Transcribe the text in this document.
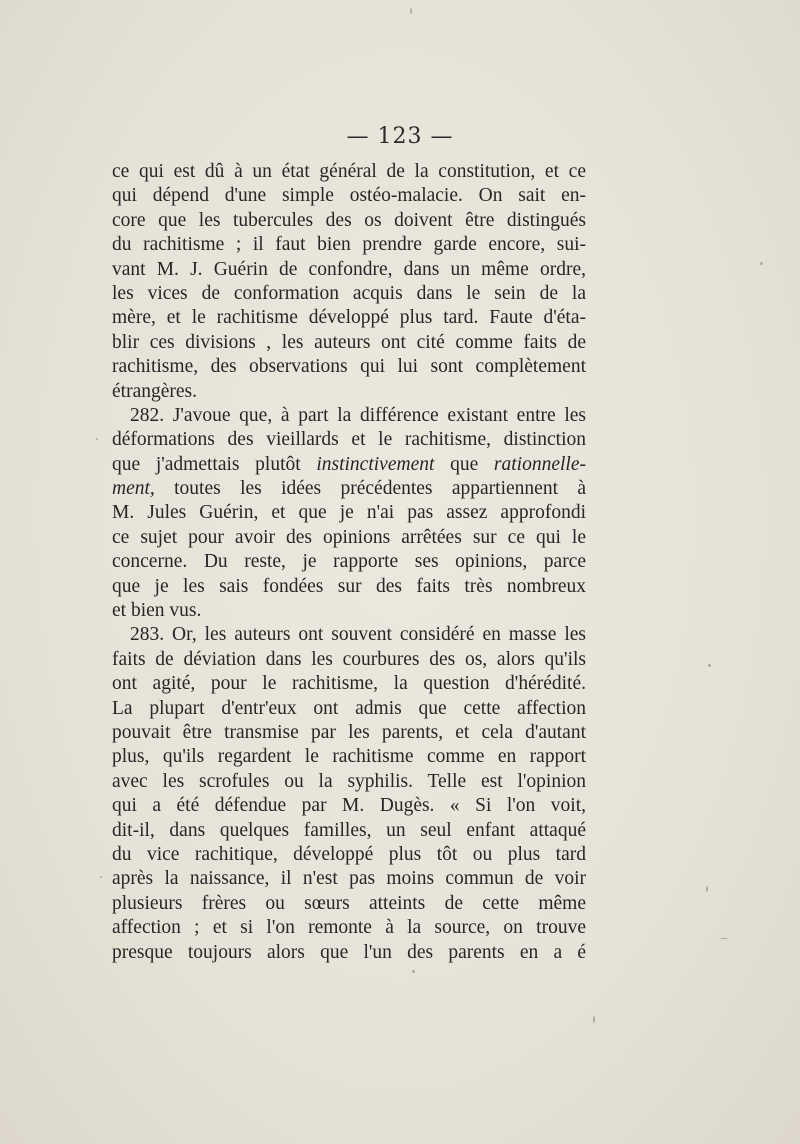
— 123 —
ce qui est dû à un état général de la constitution, et ce
qui dépend d'une simple ostéo-malacie. On sait en-
core que les tubercules des os doivent être distingués
du rachitisme ; il faut bien prendre garde encore, sui-
vant M. J. Guérin de confondre, dans un même ordre,
les vices de conformation acquis dans le sein de la
mère, et le rachitisme développé plus tard. Faute d'éta-
blir ces divisions , les auteurs ont cité comme faits de
rachitisme, des observations qui lui sont complètement
étrangères.
282. J'avoue que, à part la différence existant entre les
déformations des vieillards et le rachitisme, distinction
que j'admettais plutôt instinctivement que rationnelle-
ment, toutes les idées précédentes appartiennent à
M. Jules Guérin, et que je n'ai pas assez approfondi
ce sujet pour avoir des opinions arrêtées sur ce qui le
concerne. Du reste, je rapporte ses opinions, parce
que je les sais fondées sur des faits très nombreux
et bien vus.
283. Or, les auteurs ont souvent considéré en masse les
faits de déviation dans les courbures des os, alors qu'ils
ont agité, pour le rachitisme, la question d'hérédité.
La plupart d'entr'eux ont admis que cette affection
pouvait être transmise par les parents, et cela d'autant
plus, qu'ils regardent le rachitisme comme en rapport
avec les scrofules ou la syphilis. Telle est l'opinion
qui a été défendue par M. Dugès. « Si l'on voit,
dit-il, dans quelques familles, un seul enfant attaqué
du vice rachitique, développé plus tôt ou plus tard
après la naissance, il n'est pas moins commun de voir
plusieurs frères ou sœurs atteints de cette même
affection ; et si l'on remonte à la source, on trouve
presque toujours alors que l'un des parents en a é
